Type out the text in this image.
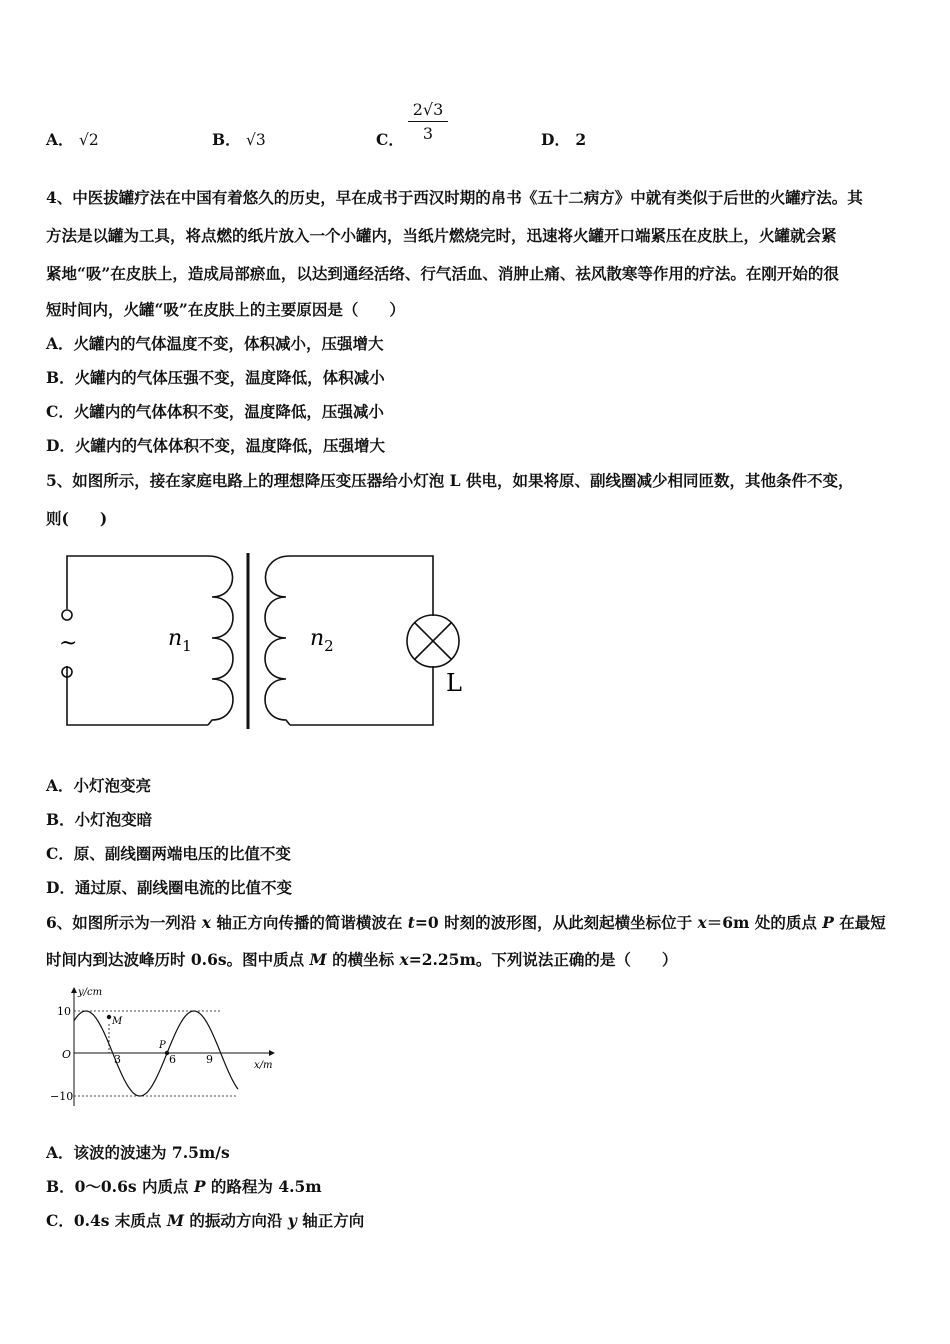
A． √2	B． √3	C． $\frac{2√3}{3}$	D． 2
4、中医拔罐疗法在中国有着悠久的历史，早在成书于西汉时期的帛书《五十二病方》中就有类似于后世的火罐疗法。其
方法是以罐为工具，将点燃的纸片放入一个小罐内，当纸片燃烧完时，迅速将火罐开口端紧压在皮肤上，火罐就会紧
紧地“吸”在皮肤上，造成局部瘀血，以达到通经活络、行气活血、消肿止痛、祛风散寒等作用的疗法。在刚开始的很
短时间内，火罐“吸”在皮肤上的主要原因是（　　）
A．火罐内的气体温度不变，体积减小，压强增大
B．火罐内的气体压强不变，温度降低，体积减小
C．火罐内的气体体积不变，温度降低，压强减小
D．火罐内的气体体积不变，温度降低，压强增大
5、如图所示，接在家庭电路上的理想降压变压器给小灯泡 L 供电，如果将原、副线圈减少相同匝数，其他条件不变，
则(　　)
~	$n_1$	$n_2$
L
A．小灯泡变亮
B．小灯泡变暗
C．原、副线圈两端电压的比值不变
D．通过原、副线圈电流的比值不变
6、如图所示为一列沿 x 轴正方向传播的简谐横波在 t=0 时刻的波形图，从此刻起横坐标位于 x＝6m 处的质点 P 在最短
时间内到达波峰历时 0.6s。图中质点 M 的横坐标 x=2.25m。下列说法正确的是（　　）
y/cm
x/m
O
10
−10
3	6	9
M
P
A．该波的波速为 7.5m/s
B．0～0.6s 内质点 P 的路程为 4.5m
C．0.4s 末质点 M 的振动方向沿 y 轴正方向
